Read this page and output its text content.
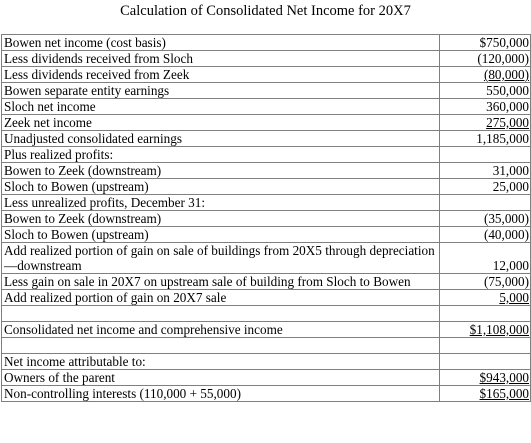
Calculation of Consolidated Net Income for 20X7
Bowen net income (cost basis)	$750,000
Less dividends received from Sloch	(120,000)
Less dividends received from Zeek	(80,000)
Bowen separate entity earnings	550,000
Sloch net income	360,000
Zeek net income	275,000
Unadjusted consolidated earnings	1,185,000
Plus realized profits:	
Bowen to Zeek (downstream)	31,000
Sloch to Bowen (upstream)	25,000
Less unrealized profits, December 31:	
Bowen to Zeek (downstream)	(35,000)
Sloch to Bowen (upstream)	(40,000)
Add realized portion of gain on sale of buildings from 20X5 through depreciation—downstream	12,000
Less gain on sale in 20X7 on upstream sale of building from Sloch to Bowen	(75,000)
Add realized portion of gain on 20X7 sale	5,000

Consolidated net income and comprehensive income	$1,108,000

Net income attributable to:	
Owners of the parent	$943,000
Non-controlling interests (110,000 + 55,000)	$165,000
